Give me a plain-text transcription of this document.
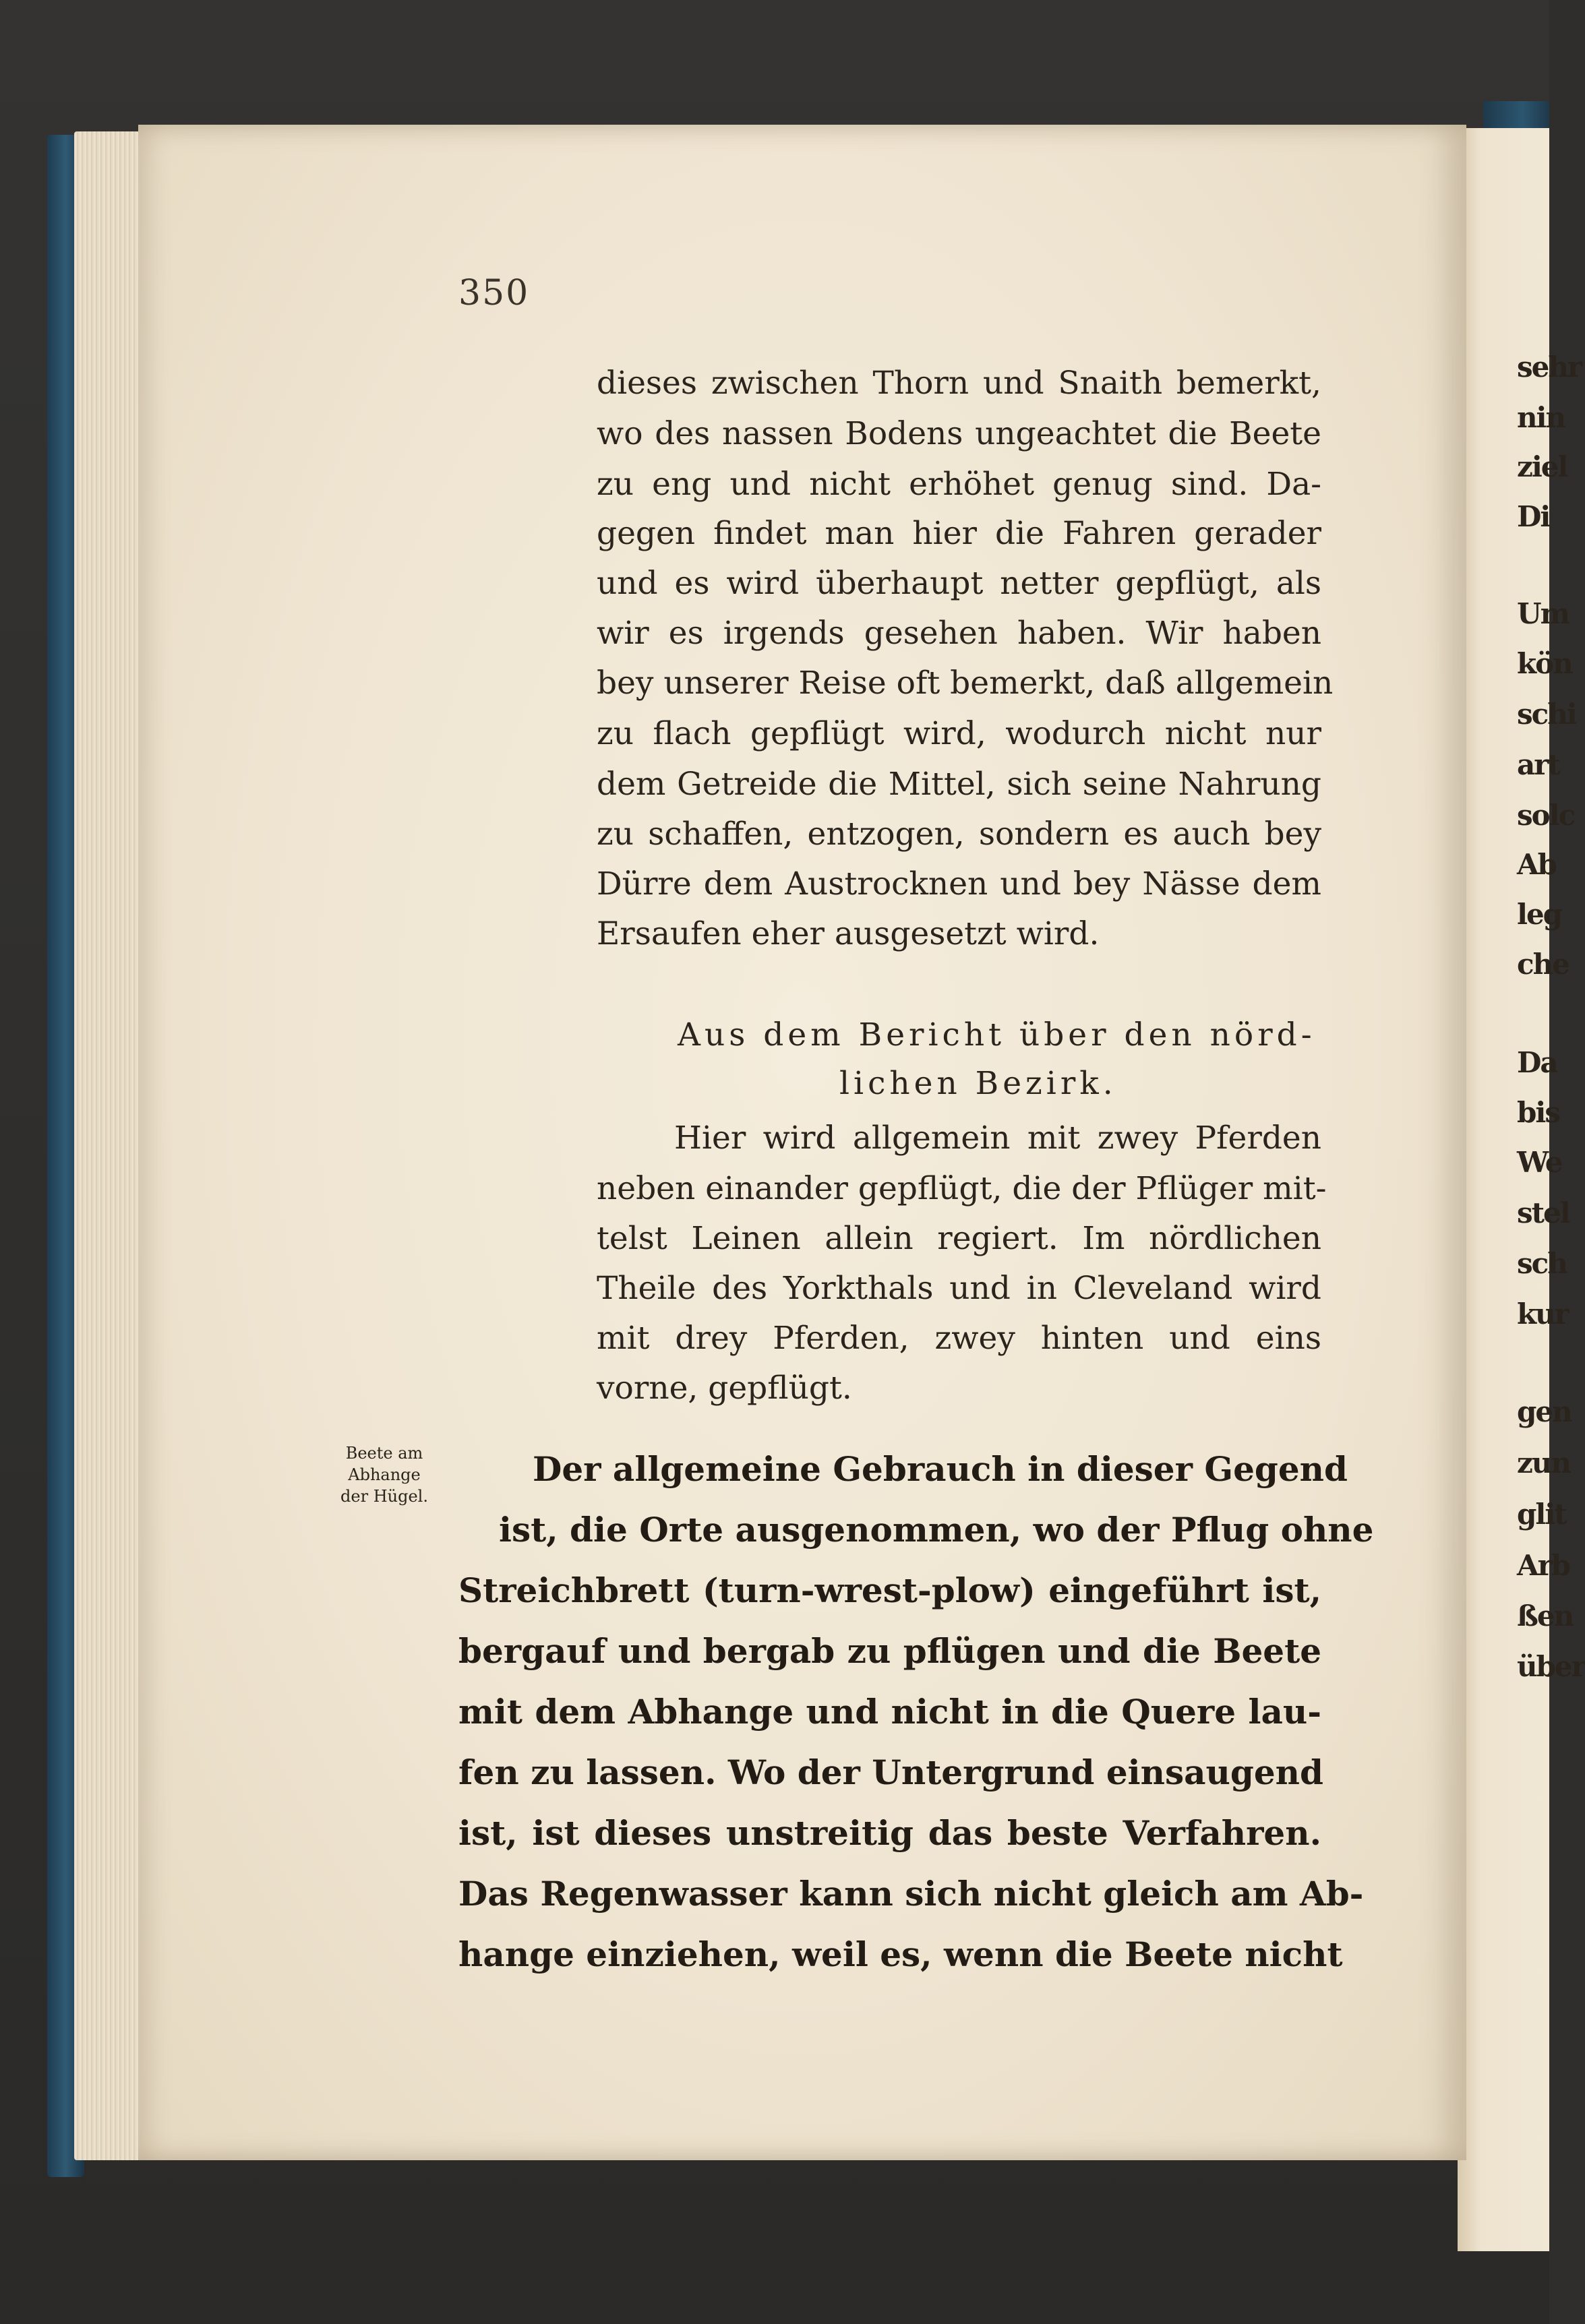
sehr

nin

ziel

Di

Um

kön

schi

art

solc

Ab

leg

che

Da

bis

We

stel

sch

kur

gen

zun

glit

Arb

ßen

über

350

dieses zwischen Thorn und Snaith bemerkt,

wo des nassen Bodens ungeachtet die Beete

zu eng und nicht erhöhet genug sind. Da-

gegen findet man hier die Fahren gerader

und es wird überhaupt netter gepflügt, als

wir es irgends gesehen haben. Wir haben

bey unserer Reise oft bemerkt, daß allgemein

zu flach gepflügt wird, wodurch nicht nur

dem Getreide die Mittel, sich seine Nahrung

zu schaffen, entzogen, sondern es auch bey

Dürre dem Austrocknen und bey Nässe dem

Ersaufen eher ausgesetzt wird.

Aus dem Bericht über den nörd-

lichen Bezirk.

Hier wird allgemein mit zwey Pferden

neben einander gepflügt, die der Pflüger mit-

telst Leinen allein regiert. Im nördlichen

Theile des Yorkthals und in Cleveland wird

mit drey Pferden, zwey hinten und eins

vorne, gepflügt.

Beete am
Abhange
der Hügel.

Der allgemeine Gebrauch in dieser Gegend

ist, die Orte ausgenommen, wo der Pflug ohne

Streichbrett (turn-wrest-plow) eingeführt ist,

bergauf und bergab zu pflügen und die Beete

mit dem Abhange und nicht in die Quere lau-

fen zu lassen. Wo der Untergrund einsaugend

ist, ist dieses unstreitig das beste Verfahren.

Das Regenwasser kann sich nicht gleich am Ab-

hange einziehen, weil es, wenn die Beete nicht
